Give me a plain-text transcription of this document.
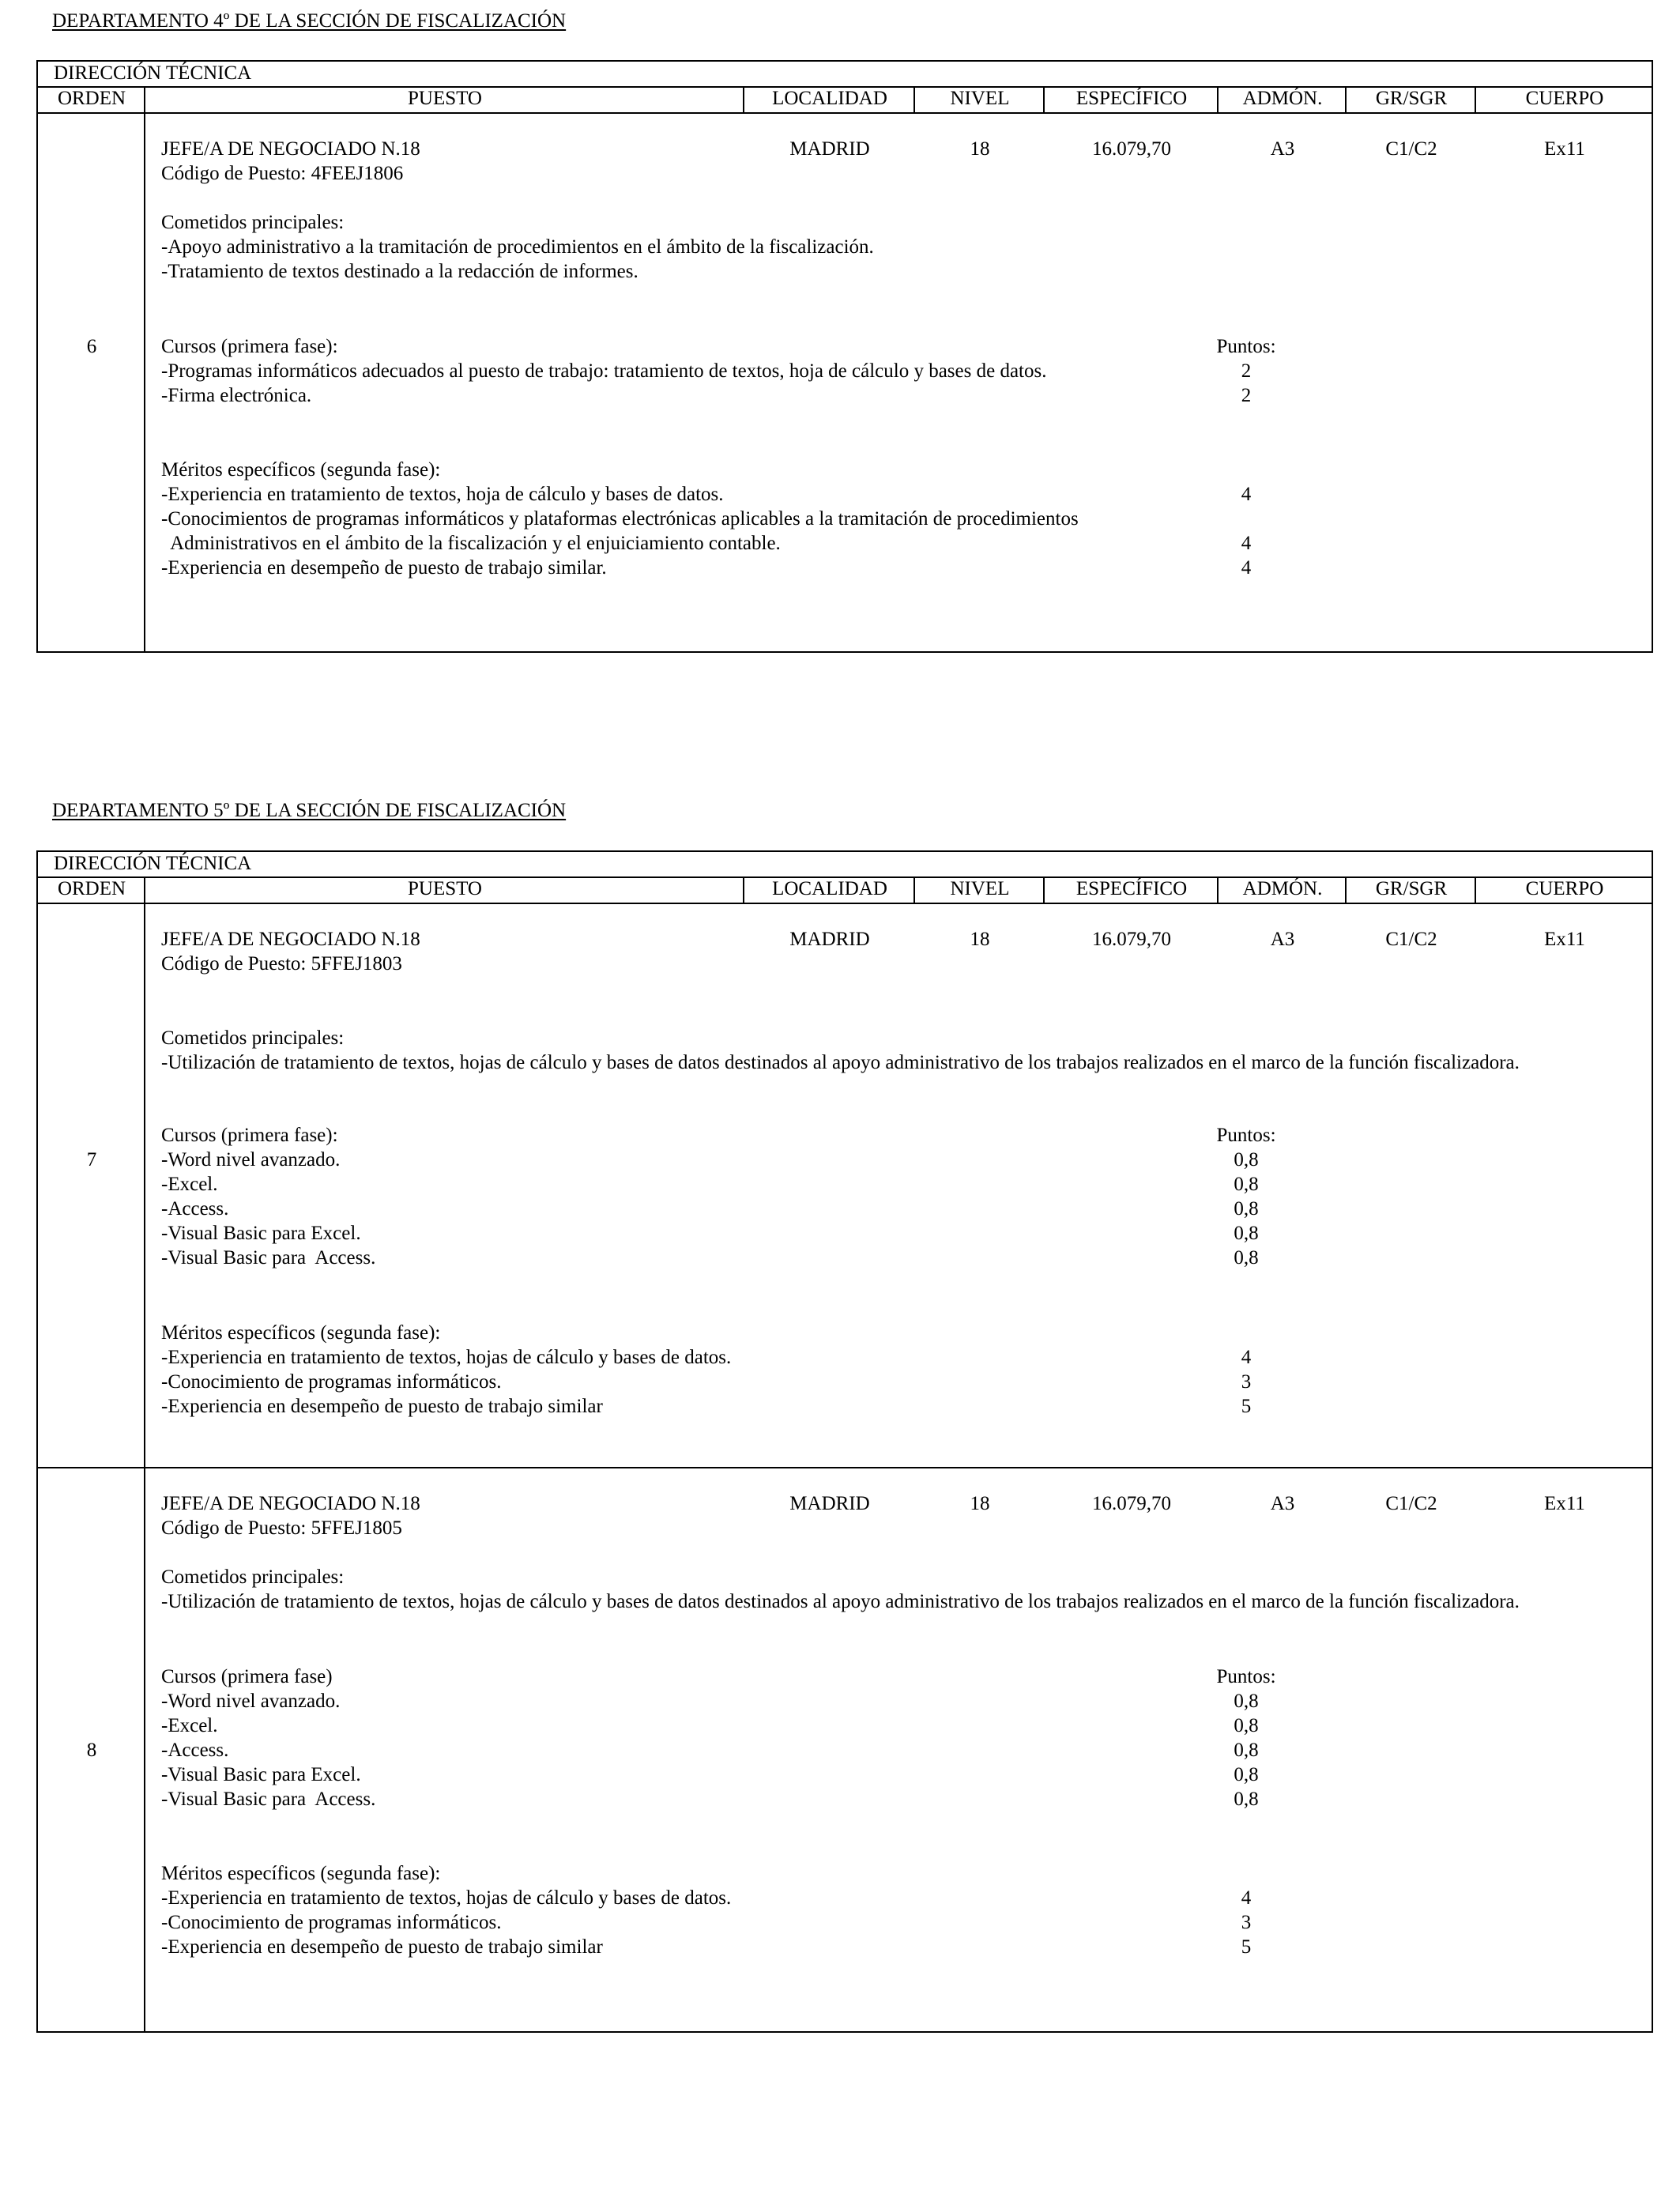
DEPARTAMENTO 4º DE LA SECCIÓN DE FISCALIZACIÓN
DIRECCIÓN TÉCNICA
ORDEN	PUESTO	LOCALIDAD	NIVEL	ESPECÍFICO	ADMÓN.	GR/SGR	CUERPO
6
JEFE/A DE NEGOCIADO N.18	MADRID	18	16.079,70	A3	C1/C2	Ex11
Código de Puesto: 4FEEJ1806
Cometidos principales:
-Apoyo administrativo a la tramitación de procedimientos en el ámbito de la fiscalización.
-Tratamiento de textos destinado a la redacción de informes.
Cursos (primera fase):	Puntos:
-Programas informáticos adecuados al puesto de trabajo: tratamiento de textos, hoja de cálculo y bases de datos.	2
-Firma electrónica.	2
Méritos específicos (segunda fase):
-Experiencia en tratamiento de textos, hoja de cálculo y bases de datos.	4
-Conocimientos de programas informáticos y plataformas electrónicas aplicables a la tramitación de procedimientos
Administrativos en el ámbito de la fiscalización y el enjuiciamiento contable.	4
-Experiencia en desempeño de puesto de trabajo similar.	4
DEPARTAMENTO 5º DE LA SECCIÓN DE FISCALIZACIÓN
DIRECCIÓN TÉCNICA
ORDEN	PUESTO	LOCALIDAD	NIVEL	ESPECÍFICO	ADMÓN.	GR/SGR	CUERPO
7
JEFE/A DE NEGOCIADO N.18	MADRID	18	16.079,70	A3	C1/C2	Ex11
Código de Puesto: 5FFEJ1803
Cometidos principales:
-Utilización de tratamiento de textos, hojas de cálculo y bases de datos destinados al apoyo administrativo de los trabajos realizados en el marco de la función fiscalizadora.
Cursos (primera fase):	Puntos:
-Word nivel avanzado.	0,8
-Excel.	0,8
-Access.	0,8
-Visual Basic para Excel.	0,8
-Visual Basic para  Access.	0,8
Méritos específicos (segunda fase):
-Experiencia en tratamiento de textos, hojas de cálculo y bases de datos.	4
-Conocimiento de programas informáticos.	3
-Experiencia en desempeño de puesto de trabajo similar	5
8
JEFE/A DE NEGOCIADO N.18	MADRID	18	16.079,70	A3	C1/C2	Ex11
Código de Puesto: 5FFEJ1805
Cometidos principales:
-Utilización de tratamiento de textos, hojas de cálculo y bases de datos destinados al apoyo administrativo de los trabajos realizados en el marco de la función fiscalizadora.
Cursos (primera fase)	Puntos:
-Word nivel avanzado.	0,8
-Excel.	0,8
-Access.	0,8
-Visual Basic para Excel.	0,8
-Visual Basic para  Access.	0,8
Méritos específicos (segunda fase):
-Experiencia en tratamiento de textos, hojas de cálculo y bases de datos.	4
-Conocimiento de programas informáticos.	3
-Experiencia en desempeño de puesto de trabajo similar	5
